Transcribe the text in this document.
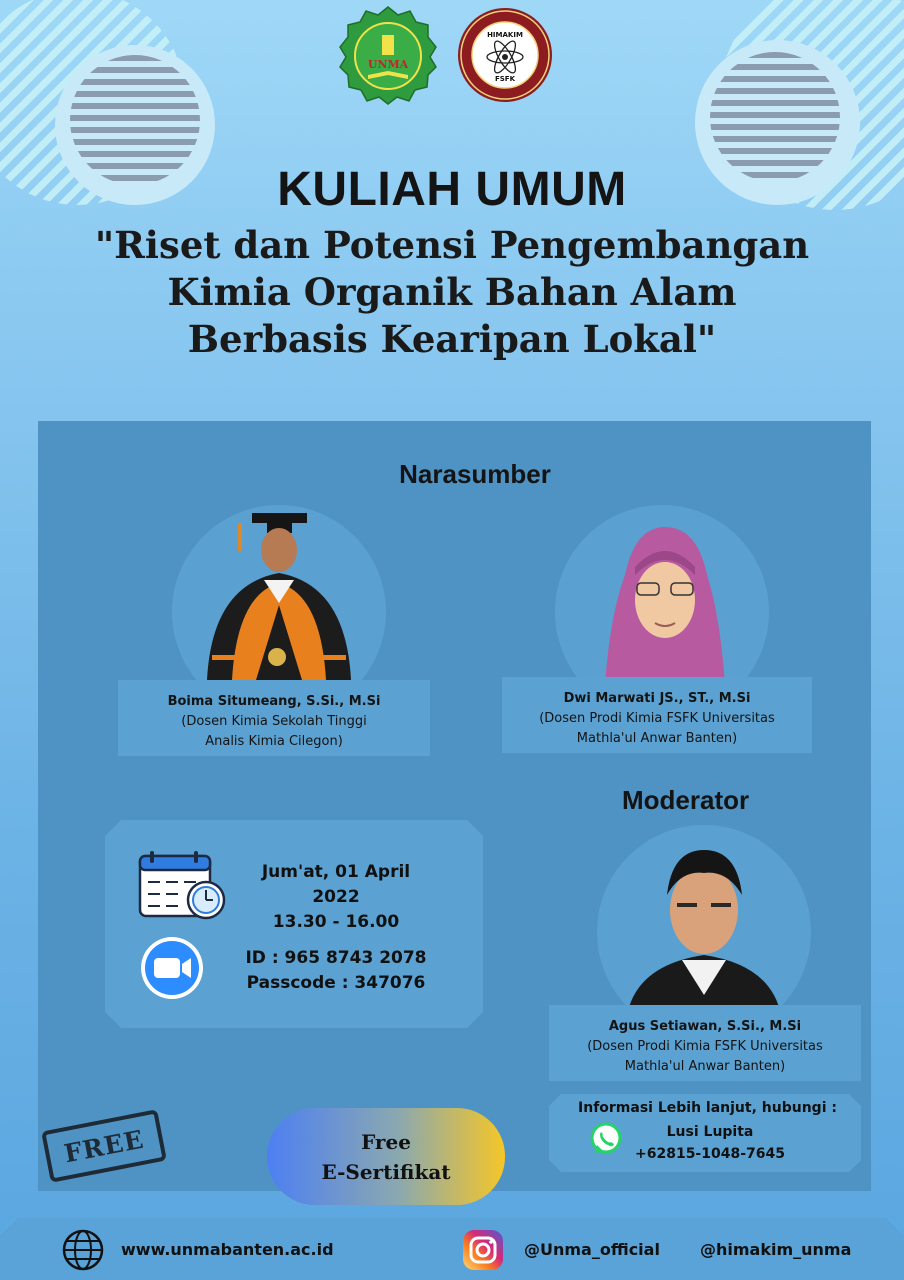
UNMA
HIMAKIM
FSFK
KULIAH UMUM
"Riset dan Potensi Pengembangan
Kimia Organik Bahan Alam
Berbasis Kearipan Lokal"
Narasumber
Boima Situmeang, S.Si., M.Si
(Dosen Kimia Sekolah Tinggi
Analis Kimia Cilegon)
Dwi Marwati JS., ST., M.Si
(Dosen Prodi Kimia FSFK Universitas
Mathla'ul Anwar Banten)
Moderator
Agus Setiawan, S.Si., M.Si
(Dosen Prodi Kimia FSFK Universitas
Mathla'ul Anwar Banten)
Jum'at, 01 April 2022
13.30 - 16.00
ID : 965 8743 2078
Passcode : 347076
FREE	Free
E-Sertifikat
Informasi Lebih lanjut, hubungi :
Lusi Lupita
+62815-1048-7645
www.unmabanten.ac.id	@Unma_official	@himakim_unma
